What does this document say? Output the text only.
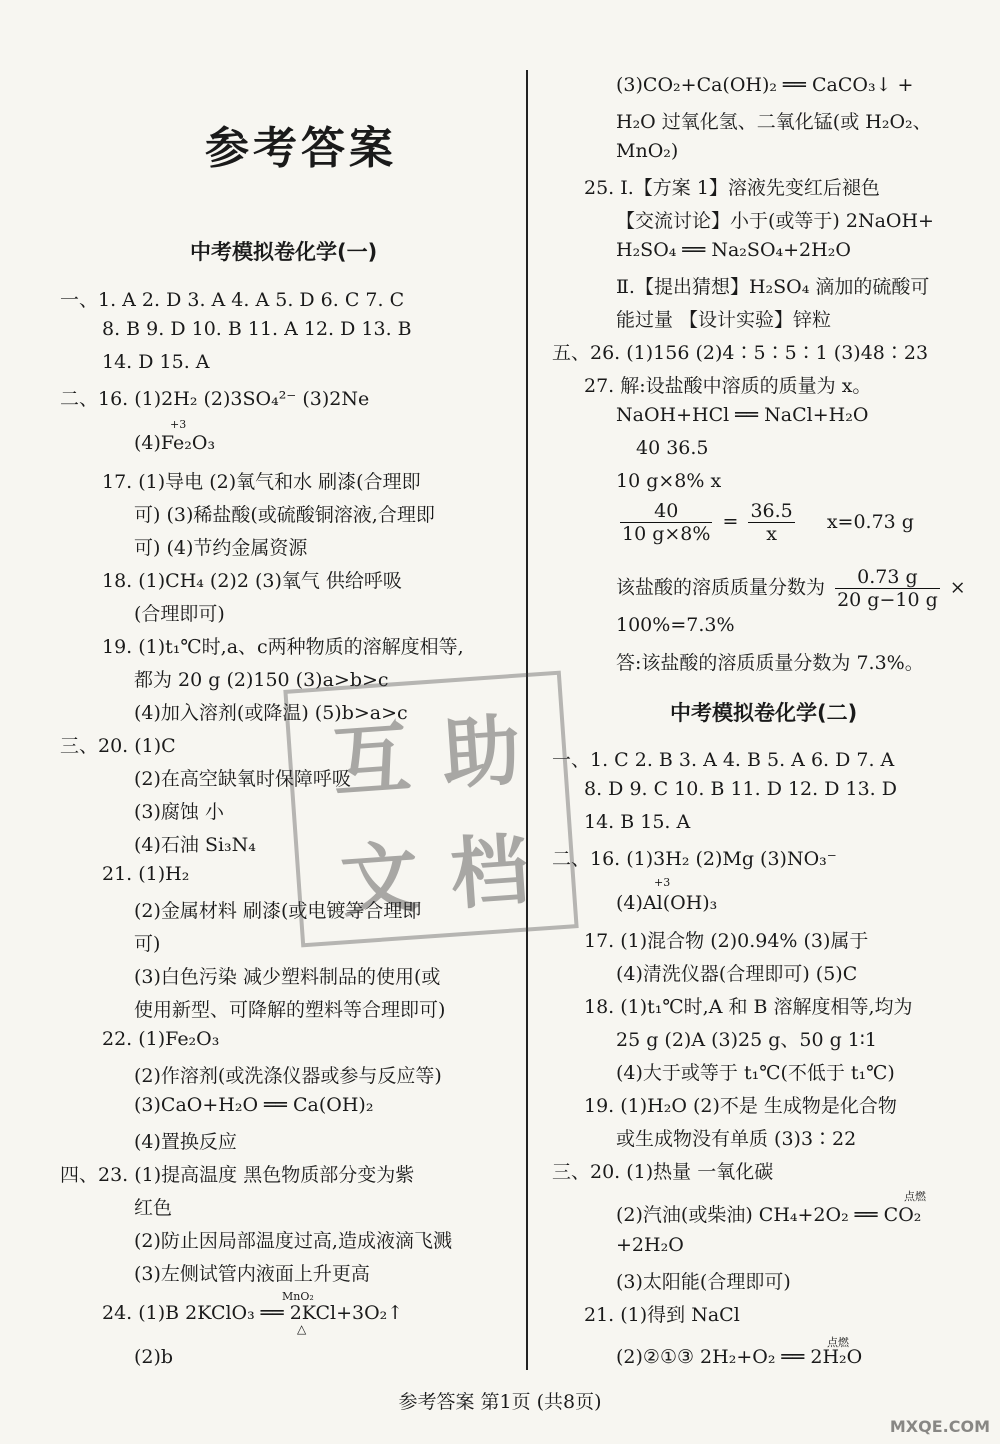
参考答案
中考模拟卷化学(一)
一、1. A 2. D 3. A 4. A 5. D 6. C 7. C
8. B 9. D 10. B 11. A 12. D 13. B
14. D 15. A
二、16. (1)2H₂ (2)3SO₄²⁻ (3)2Ne
+3
(4)Fe₂O₃
17. (1)导电 (2)氧气和水 刷漆(合理即
可) (3)稀盐酸(或硫酸铜溶液,合理即
可) (4)节约金属资源
18. (1)CH₄ (2)2 (3)氧气 供给呼吸
(合理即可)
19. (1)t₁℃时,a、c两种物质的溶解度相等,
都为 20 g (2)150 (3)a>b>c
(4)加入溶剂(或降温) (5)b>a>c
三、20. (1)C
(2)在高空缺氧时保障呼吸
(3)腐蚀 小
(4)石油 Si₃N₄
21. (1)H₂
(2)金属材料 刷漆(或电镀等合理即
可)
(3)白色污染 减少塑料制品的使用(或
使用新型、可降解的塑料等合理即可)
22. (1)Fe₂O₃
(2)作溶剂(或洗涤仪器或参与反应等)
(3)CaO+H₂O ══ Ca(OH)₂
(4)置换反应
四、23. (1)提高温度 黑色物质部分变为紫
红色
(2)防止因局部温度过高,造成液滴飞溅
(3)左侧试管内液面上升更高
MnO₂
24. (1)B 2KClO₃ ══ 2KCl+3O₂↑
△
(2)b
(3)CO₂+Ca(OH)₂ ══ CaCO₃↓ +
H₂O 过氧化氢、二氧化锰(或 H₂O₂、
MnO₂)
25. Ⅰ.【方案 1】溶液先变红后褪色
【交流讨论】小于(或等于) 2NaOH+
H₂SO₄ ══ Na₂SO₄+2H₂O
Ⅱ.【提出猜想】H₂SO₄ 滴加的硫酸可
能过量 【设计实验】锌粒
五、26. (1)156 (2)4∶5∶5∶1 (3)48∶23
27. 解:设盐酸中溶质的质量为 x。
NaOH+HCl ══ NaCl+H₂O
40 36.5
10 g×8% x
$\frac{40}{10 g\times 8\%} = \frac{36.5}{x} x=0.73$ g
该盐酸的溶质质量分数为 $\frac{0.73 g}{20 g-10 g}$ ×
100%=7.3%
答:该盐酸的溶质质量分数为 7.3%。
中考模拟卷化学(二)
一、1. C 2. B 3. A 4. B 5. A 6. D 7. A
8. D 9. C 10. B 11. D 12. D 13. D
14. B 15. A
二、16. (1)3H₂ (2)Mg (3)NO₃⁻
+3
(4)Al(OH)₃
17. (1)混合物 (2)0.94% (3)属于
(4)清洗仪器(合理即可) (5)C
18. (1)t₁℃时,A 和 B 溶解度相等,均为
25 g (2)A (3)25 g、50 g 1∶1
(4)大于或等于 t₁℃(不低于 t₁℃)
19. (1)H₂O (2)不是 生成物是化合物
或生成物没有单质 (3)3∶22
三、20. (1)热量 一氧化碳
点燃
(2)汽油(或柴油) CH₄+2O₂ ══ CO₂
+2H₂O
(3)太阳能(合理即可)
21. (1)得到 NaCl
点燃
(2)②①③ 2H₂+O₂ ══ 2H₂O
互 助
文 档
参考答案 第1页 (共8页)
MXQE.COM
